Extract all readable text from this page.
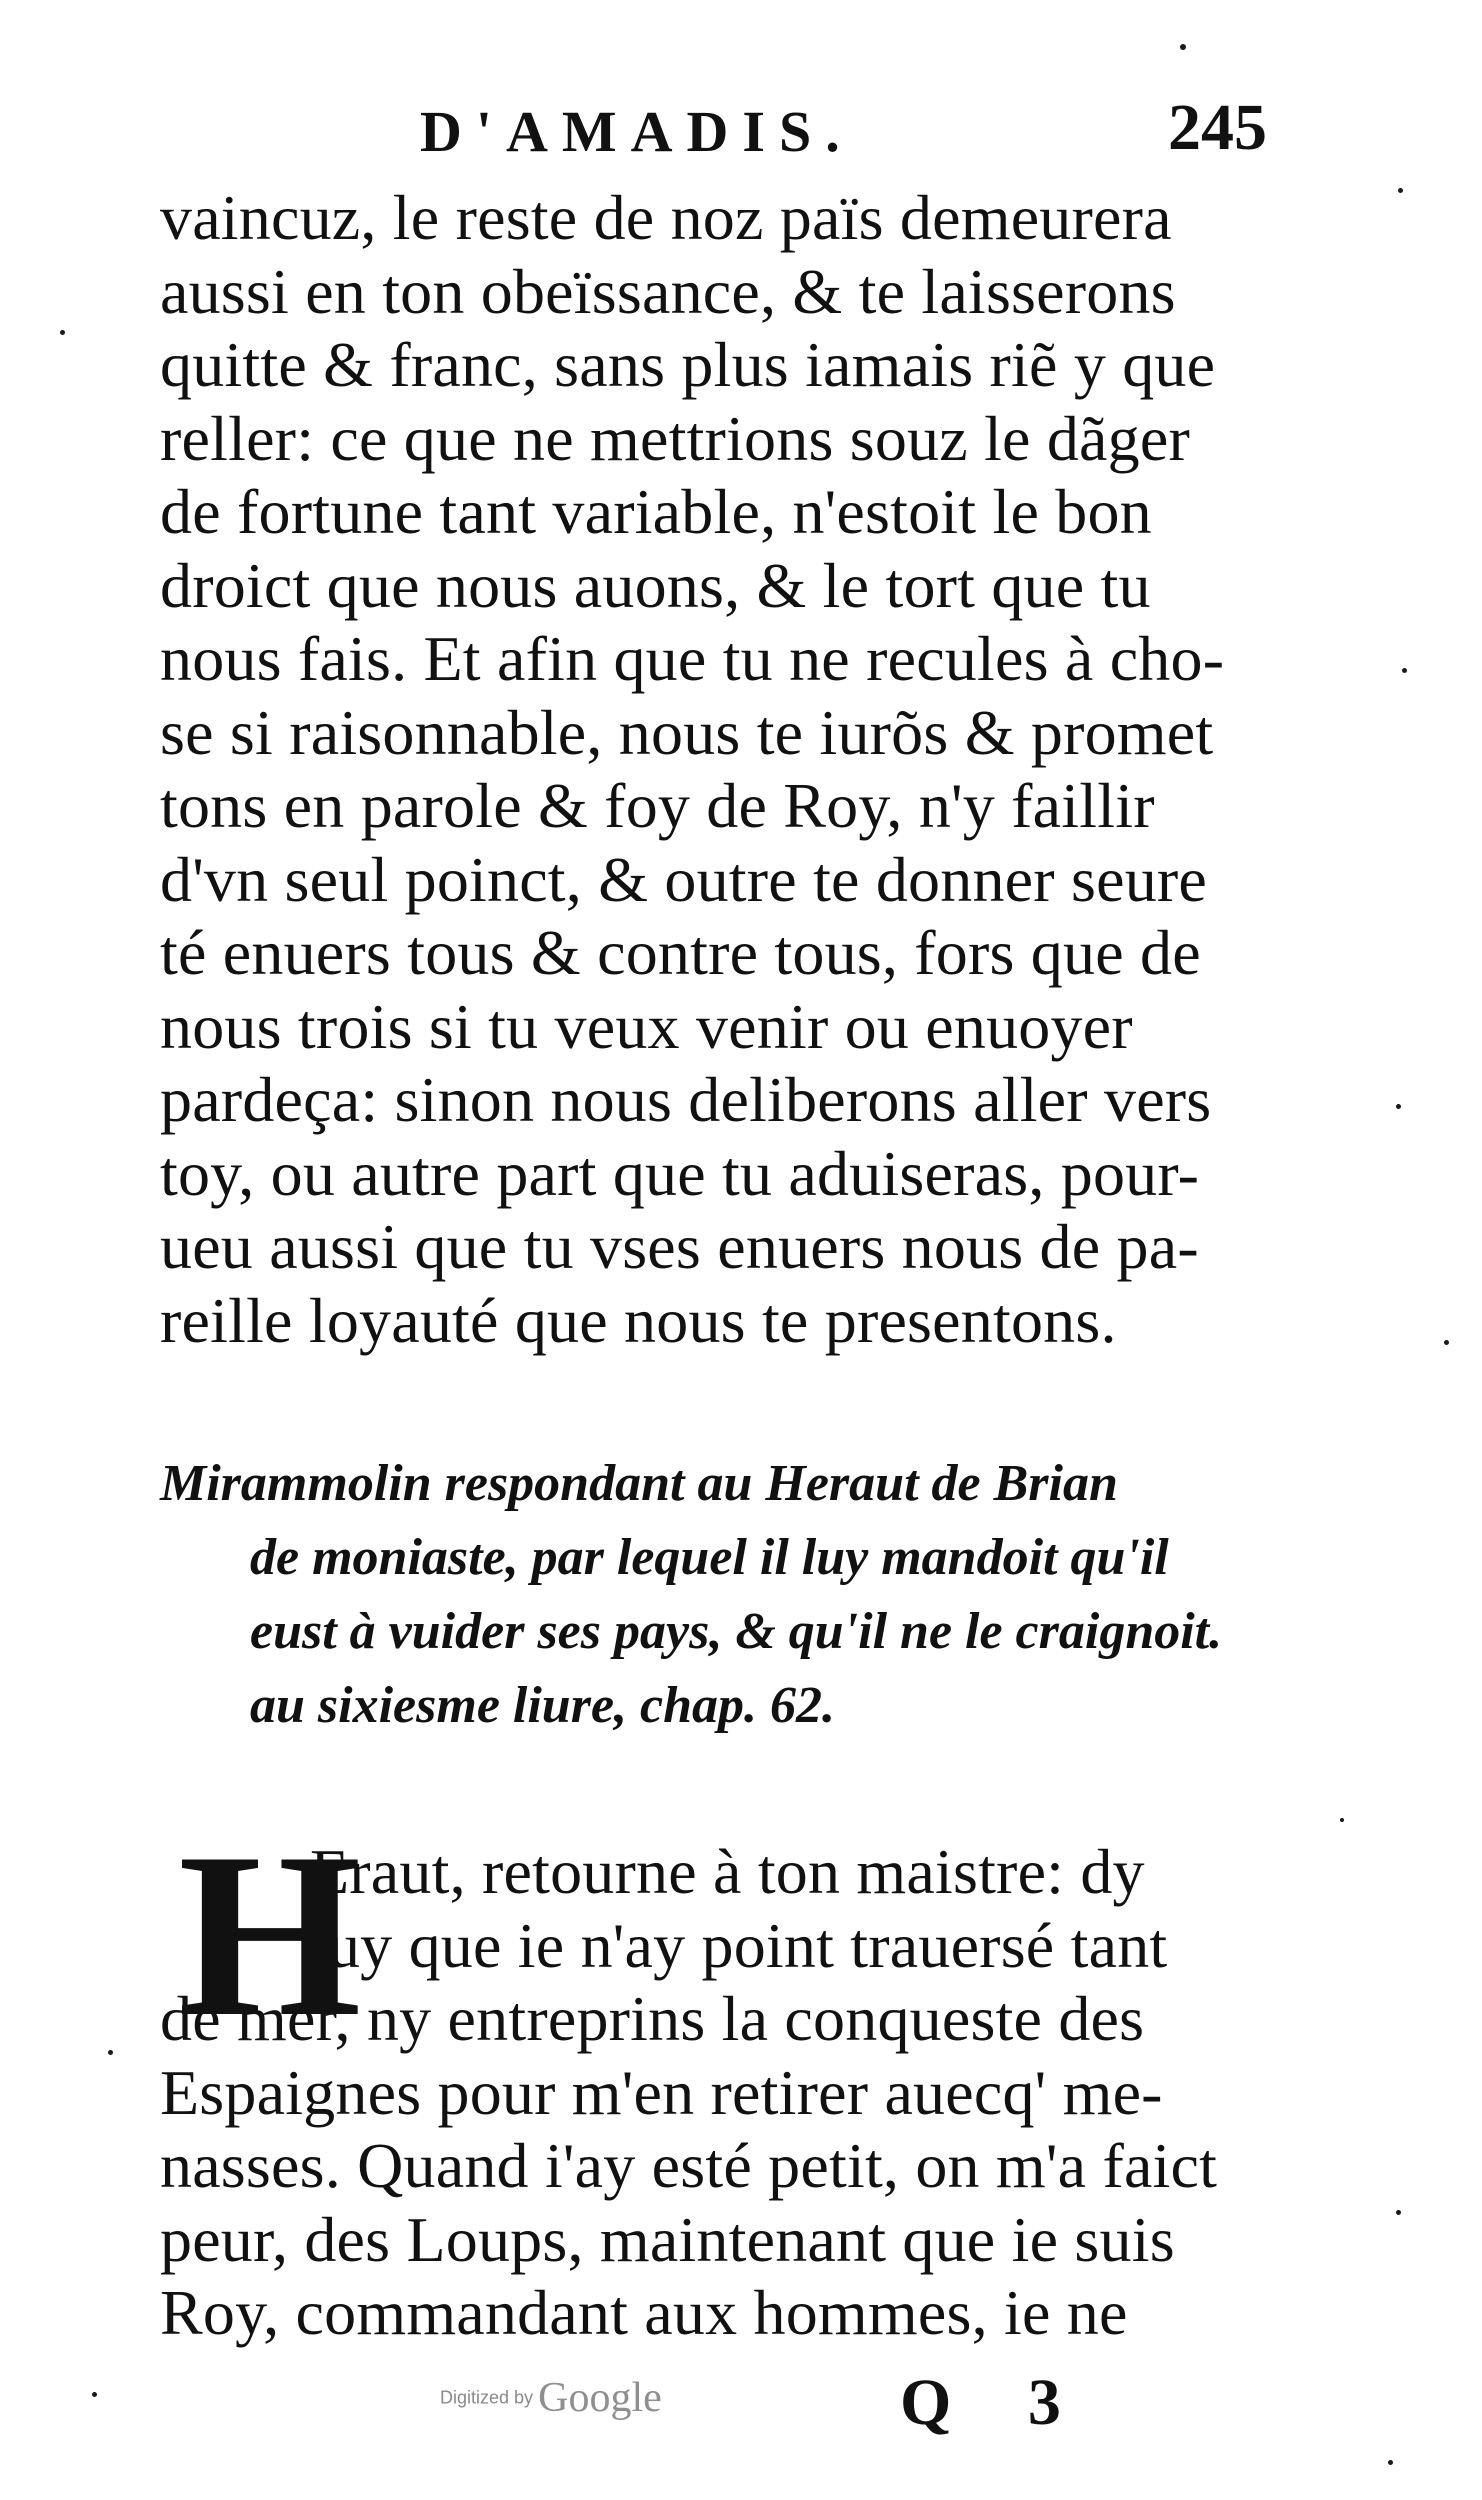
D'AMADIS.	245
vaincuz, le reste de noz païs demeurera
aussi en ton obeïssance, & te laisserons
quitte & franc, sans plus iamais riẽ y que
reller: ce que ne mettrions souz le dãger
de fortune tant variable, n'estoit le bon
droict que nous auons, & le tort que tu
nous fais. Et afin que tu ne recules à cho-
se si raisonnable, nous te iurõs & promet
tons en parole & foy de Roy, n'y faillir
d'vn seul poinct, & outre te donner seure
té enuers tous & contre tous, fors que de
nous trois si tu veux venir ou enuoyer
pardeça: sinon nous deliberons aller vers
toy, ou autre part que tu aduiseras, pour-
ueu aussi que tu vses enuers nous de pa-
reille loyauté que nous te presentons.
Mirammolin respondant au Heraut de Brian
de moniaste, par lequel il luy mandoit qu'il
eust à vuider ses pays, & qu'il ne le craignoit.
au sixiesme liure, chap. 62.
H
Eraut, retourne à ton maistre: dy
luy que ie n'ay point trauersé tant
de mer, ny entreprins la conqueste des
Espaignes pour m'en retirer auecq' me-
nasses. Quand i'ay esté petit, on m'a faict
peur, des Loups, maintenant que ie suis
Roy, commandant aux hommes, ie ne
Digitized by Google	Q 3
